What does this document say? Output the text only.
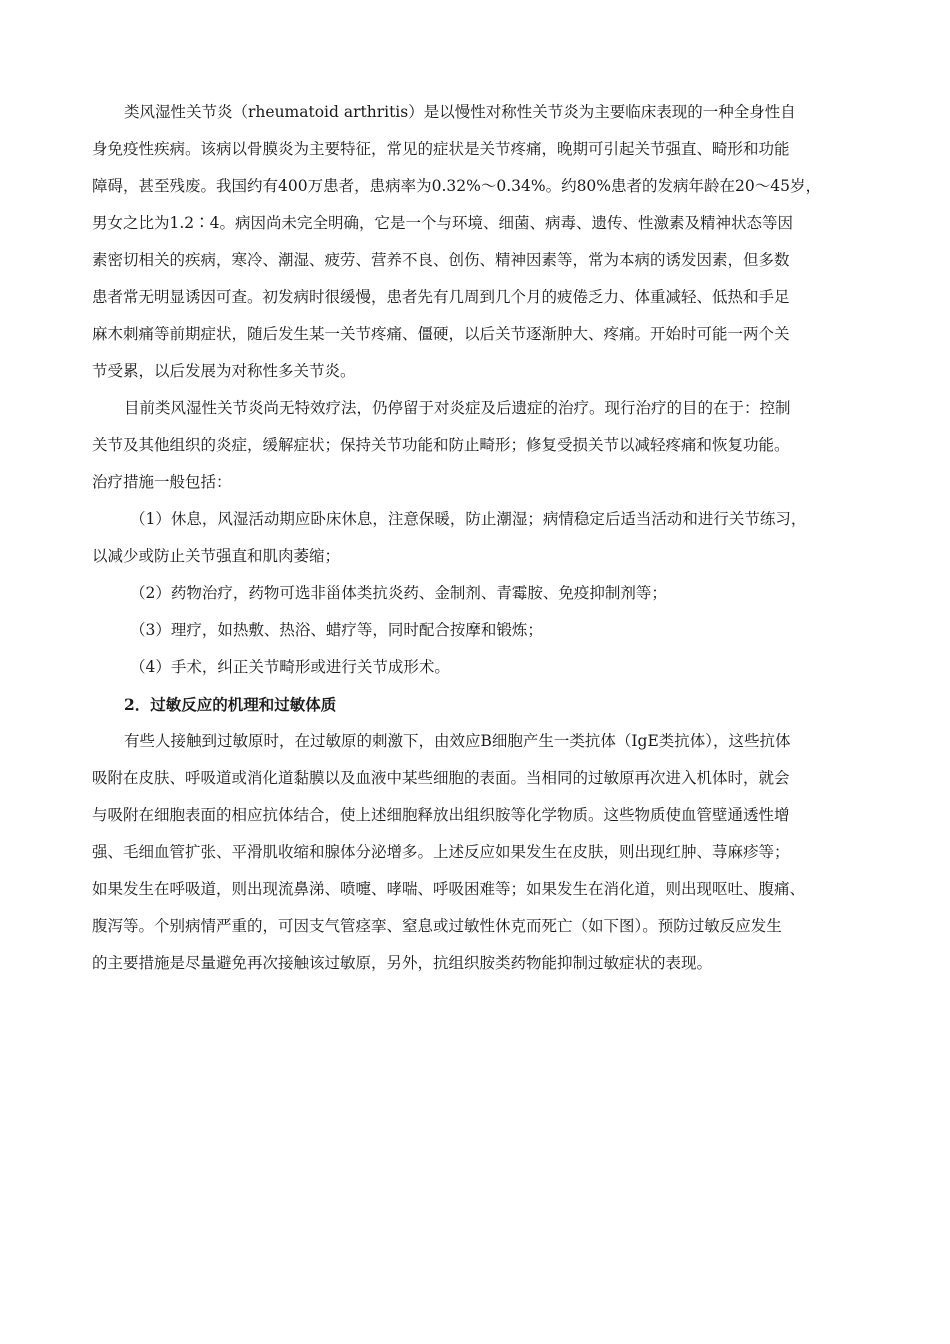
类风湿性关节炎（rheumatoid arthritis）是以慢性对称性关节炎为主要临床表现的一种全身性自
身免疫性疾病。该病以骨膜炎为主要特征，常见的症状是关节疼痛，晚期可引起关节强直、畸形和功能
障碍，甚至残废。我国约有400万患者，患病率为0.32%～0.34%。约80%患者的发病年龄在20～45岁，
男女之比为1.2∶4。病因尚未完全明确，它是一个与环境、细菌、病毒、遗传、性激素及精神状态等因
素密切相关的疾病，寒冷、潮湿、疲劳、营养不良、创伤、精神因素等，常为本病的诱发因素，但多数
患者常无明显诱因可查。初发病时很缓慢，患者先有几周到几个月的疲倦乏力、体重减轻、低热和手足
麻木刺痛等前期症状，随后发生某一关节疼痛、僵硬，以后关节逐渐肿大、疼痛。开始时可能一两个关
节受累，以后发展为对称性多关节炎。
目前类风湿性关节炎尚无特效疗法，仍停留于对炎症及后遗症的治疗。现行治疗的目的在于：控制
关节及其他组织的炎症，缓解症状；保持关节功能和防止畸形；修复受损关节以减轻疼痛和恢复功能。
治疗措施一般包括：
（1）休息，风湿活动期应卧床休息，注意保暖，防止潮湿；病情稳定后适当活动和进行关节练习，
以减少或防止关节强直和肌肉萎缩；
（2）药物治疗，药物可选非甾体类抗炎药、金制剂、青霉胺、免疫抑制剂等；
（3）理疗，如热敷、热浴、蜡疗等，同时配合按摩和锻炼；
（4）手术，纠正关节畸形或进行关节成形术。
2．过敏反应的机理和过敏体质
有些人接触到过敏原时，在过敏原的刺激下，由效应B细胞产生一类抗体（IgE类抗体），这些抗体
吸附在皮肤、呼吸道或消化道黏膜以及血液中某些细胞的表面。当相同的过敏原再次进入机体时，就会
与吸附在细胞表面的相应抗体结合，使上述细胞释放出组织胺等化学物质。这些物质使血管壁通透性增
强、毛细血管扩张、平滑肌收缩和腺体分泌增多。上述反应如果发生在皮肤，则出现红肿、荨麻疹等；
如果发生在呼吸道，则出现流鼻涕、喷嚏、哮喘、呼吸困难等；如果发生在消化道，则出现呕吐、腹痛、
腹泻等。个别病情严重的，可因支气管痉挛、窒息或过敏性休克而死亡（如下图）。预防过敏反应发生
的主要措施是尽量避免再次接触该过敏原，另外，抗组织胺类药物能抑制过敏症状的表现。
